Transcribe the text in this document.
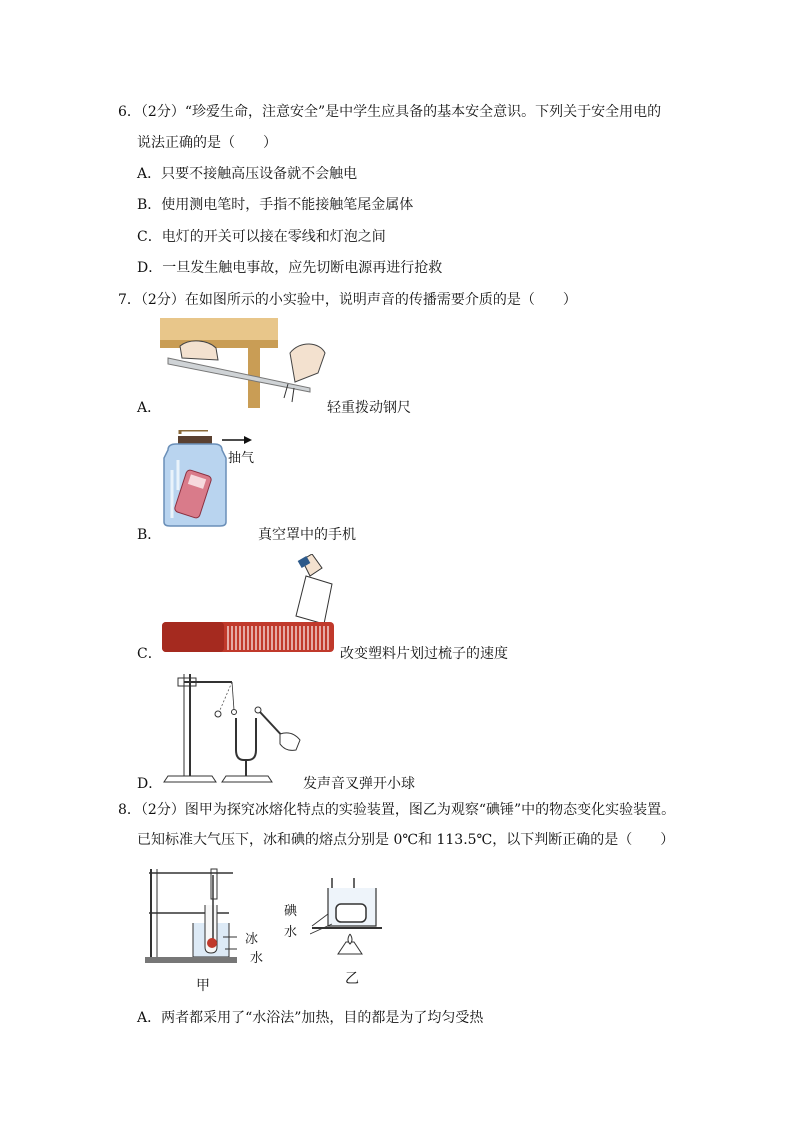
6．（2分）“珍爱生命，注意安全”是中学生应具备的基本安全意识。下列关于安全用电的
说法正确的是（　　）
A．只要不接触高压设备就不会触电
B．使用测电笔时，手指不能接触笔尾金属体
C．电灯的开关可以接在零线和灯泡之间
D．一旦发生触电事故，应先切断电源再进行抢救
7．（2分）在如图所示的小实验中，说明声音的传播需要介质的是（　　）
A．	轻重拨动钢尺
抽气
B．	真空罩中的手机
C．	改变塑料片划过梳子的速度
D．	发声音叉弹开小球
8．（2分）图甲为探究冰熔化特点的实验装置，图乙为观察“碘锤”中的物态变化实验装置。
已知标准大气压下，冰和碘的熔点分别是 0℃和 113.5℃，以下判断正确的是（　　）
冰
水
甲
碘
水
乙
A．两者都采用了“水浴法”加热，目的都是为了均匀受热
